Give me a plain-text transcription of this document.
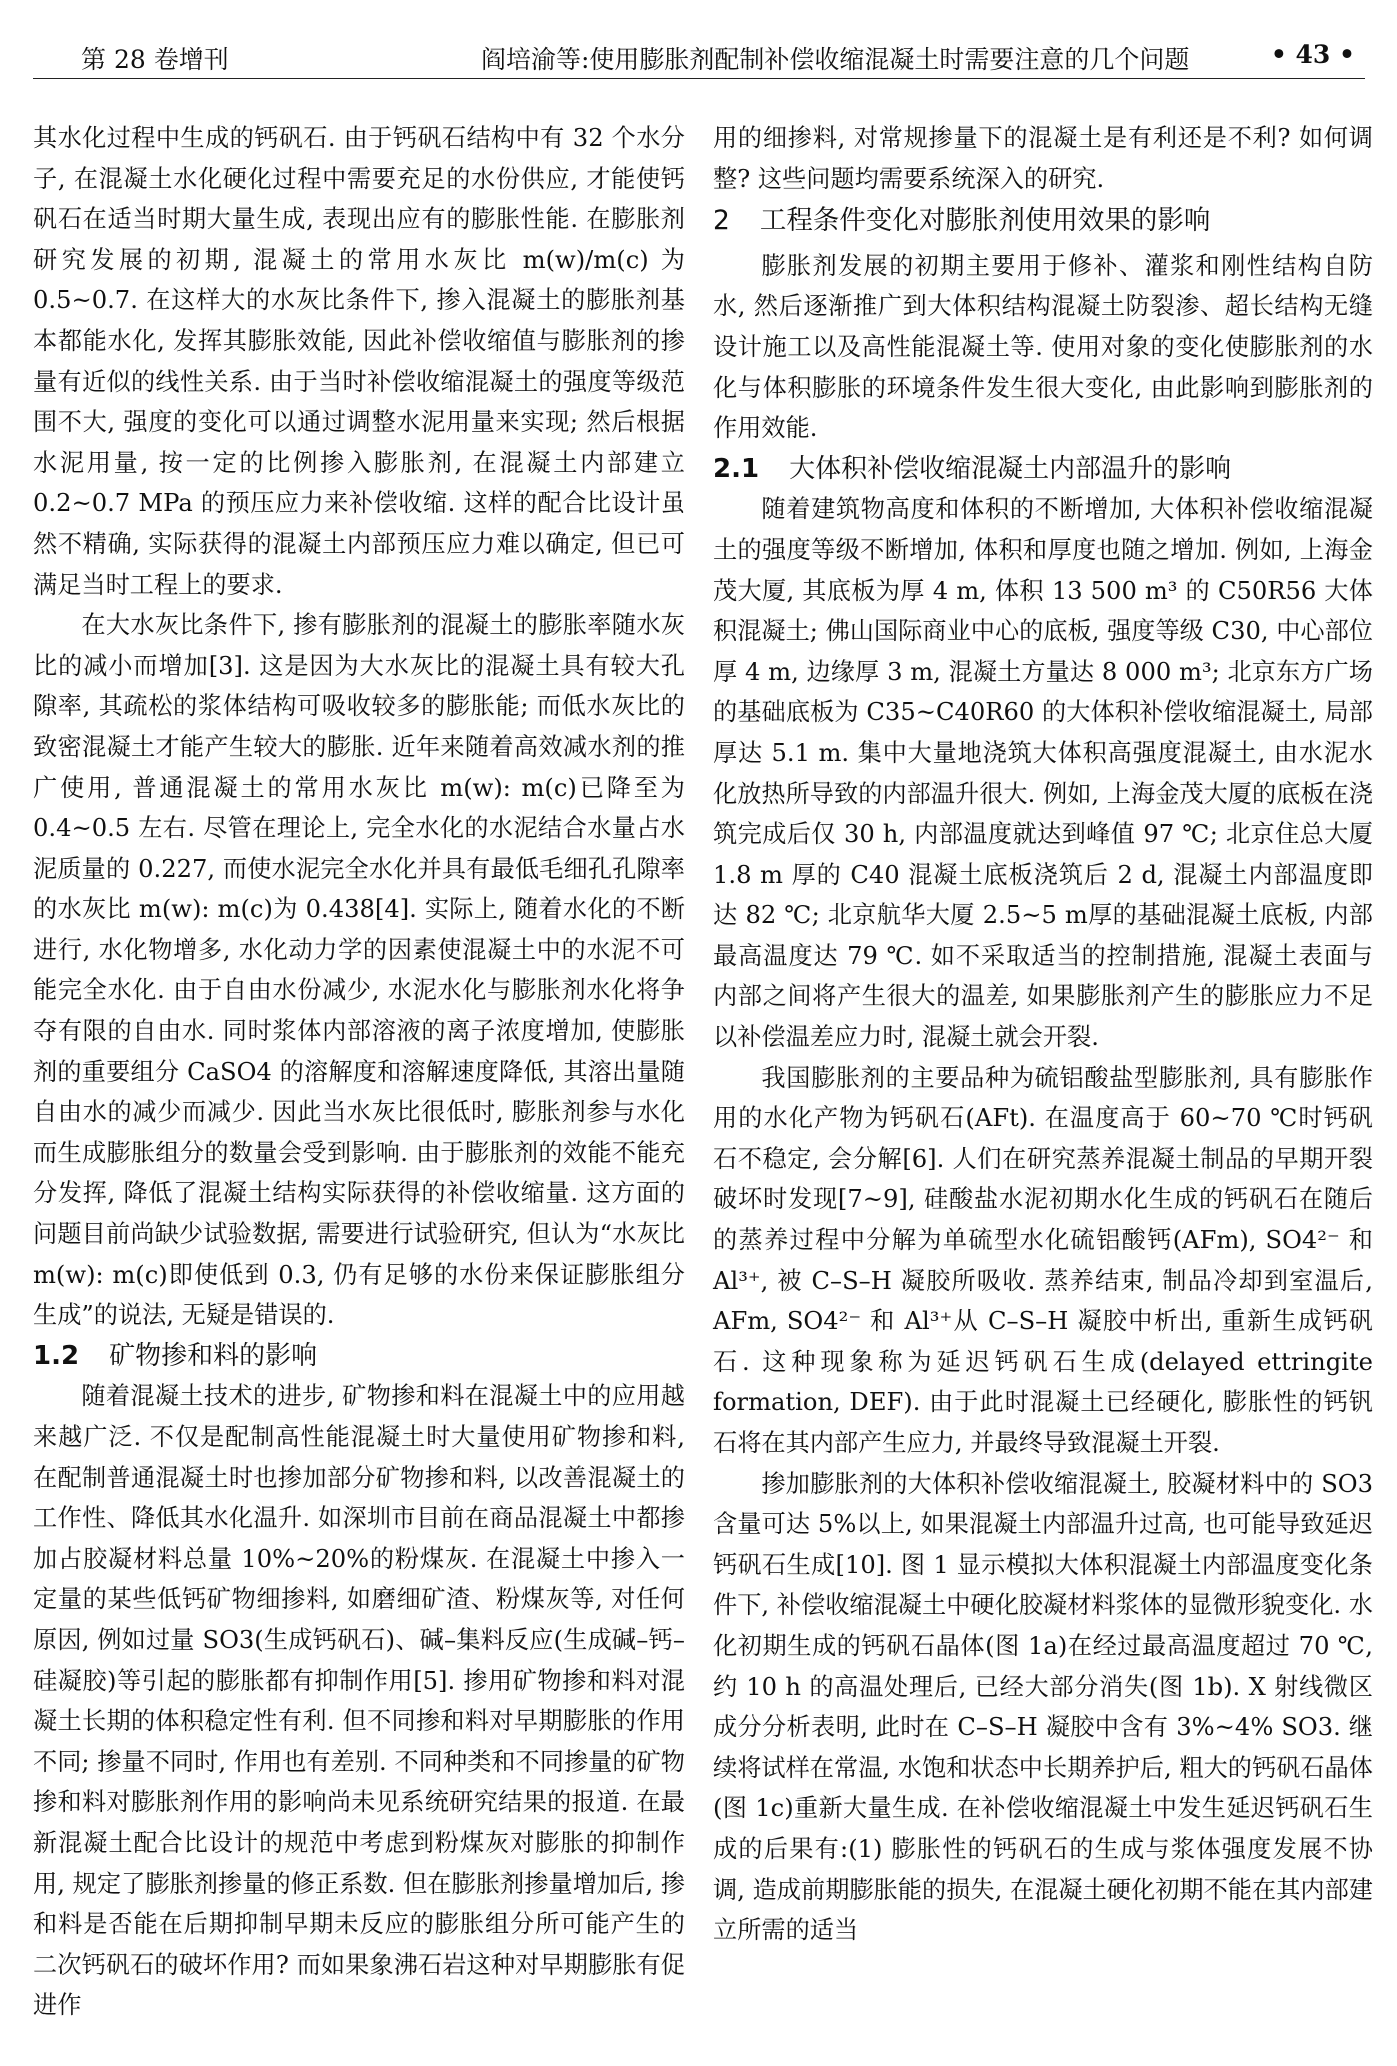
第 28 卷增刊	阎培渝等:使用膨胀剂配制补偿收缩混凝土时需要注意的几个问题	• 43 •

其水化过程中生成的钙矾石. 由于钙矾石结构中有 32 个水分子, 在混凝土水化硬化过程中需要充足的水份供应, 才能使钙矾石在适当时期大量生成, 表现出应有的膨胀性能. 在膨胀剂研究发展的初期, 混凝土的常用水灰比 m(w)/m(c) 为 0.5~0.7. 在这样大的水灰比条件下, 掺入混凝土的膨胀剂基本都能水化, 发挥其膨胀效能, 因此补偿收缩值与膨胀剂的掺量有近似的线性关系. 由于当时补偿收缩混凝土的强度等级范围不大, 强度的变化可以通过调整水泥用量来实现; 然后根据水泥用量, 按一定的比例掺入膨胀剂, 在混凝土内部建立 0.2~0.7 MPa 的预压应力来补偿收缩. 这样的配合比设计虽然不精确, 实际获得的混凝土内部预压应力难以确定, 但已可满足当时工程上的要求.

在大水灰比条件下, 掺有膨胀剂的混凝土的膨胀率随水灰比的减小而增加[3]. 这是因为大水灰比的混凝土具有较大孔隙率, 其疏松的浆体结构可吸收较多的膨胀能; 而低水灰比的致密混凝土才能产生较大的膨胀. 近年来随着高效减水剂的推广使用, 普通混凝土的常用水灰比 m(w): m(c)已降至为 0.4~0.5 左右. 尽管在理论上, 完全水化的水泥结合水量占水泥质量的 0.227, 而使水泥完全水化并具有最低毛细孔孔隙率的水灰比 m(w): m(c)为 0.438[4]. 实际上, 随着水化的不断进行, 水化物增多, 水化动力学的因素使混凝土中的水泥不可能完全水化. 由于自由水份减少, 水泥水化与膨胀剂水化将争夺有限的自由水. 同时浆体内部溶液的离子浓度增加, 使膨胀剂的重要组分 CaSO4 的溶解度和溶解速度降低, 其溶出量随自由水的减少而减少. 因此当水灰比很低时, 膨胀剂参与水化而生成膨胀组分的数量会受到影响. 由于膨胀剂的效能不能充分发挥, 降低了混凝土结构实际获得的补偿收缩量. 这方面的问题目前尚缺少试验数据, 需要进行试验研究, 但认为“水灰比 m(w): m(c)即使低到 0.3, 仍有足够的水份来保证膨胀组分生成”的说法, 无疑是错误的.

1.2 矿物掺和料的影响

随着混凝土技术的进步, 矿物掺和料在混凝土中的应用越来越广泛. 不仅是配制高性能混凝土时大量使用矿物掺和料, 在配制普通混凝土时也掺加部分矿物掺和料, 以改善混凝土的工作性、降低其水化温升. 如深圳市目前在商品混凝土中都掺加占胶凝材料总量 10%~20%的粉煤灰. 在混凝土中掺入一定量的某些低钙矿物细掺料, 如磨细矿渣、粉煤灰等, 对任何原因, 例如过量 SO3(生成钙矾石)、碱–集料反应(生成碱–钙–硅凝胶)等引起的膨胀都有抑制作用[5]. 掺用矿物掺和料对混凝土长期的体积稳定性有利. 但不同掺和料对早期膨胀的作用不同; 掺量不同时, 作用也有差别. 不同种类和不同掺量的矿物掺和料对膨胀剂作用的影响尚未见系统研究结果的报道. 在最新混凝土配合比设计的规范中考虑到粉煤灰对膨胀的抑制作用, 规定了膨胀剂掺量的修正系数. 但在膨胀剂掺量增加后, 掺和料是否能在后期抑制早期未反应的膨胀组分所可能产生的二次钙矾石的破坏作用? 而如果象沸石岩这种对早期膨胀有促进作

用的细掺料, 对常规掺量下的混凝土是有利还是不利? 如何调整? 这些问题均需要系统深入的研究.

2 工程条件变化对膨胀剂使用效果的影响

膨胀剂发展的初期主要用于修补、灌浆和刚性结构自防水, 然后逐渐推广到大体积结构混凝土防裂渗、超长结构无缝设计施工以及高性能混凝土等. 使用对象的变化使膨胀剂的水化与体积膨胀的环境条件发生很大变化, 由此影响到膨胀剂的作用效能.

2.1 大体积补偿收缩混凝土内部温升的影响

随着建筑物高度和体积的不断增加, 大体积补偿收缩混凝土的强度等级不断增加, 体积和厚度也随之增加. 例如, 上海金茂大厦, 其底板为厚 4 m, 体积 13 500 m³ 的 C50R56 大体积混凝土; 佛山国际商业中心的底板, 强度等级 C30, 中心部位厚 4 m, 边缘厚 3 m, 混凝土方量达 8 000 m³; 北京东方广场的基础底板为 C35~C40R60 的大体积补偿收缩混凝土, 局部厚达 5.1 m. 集中大量地浇筑大体积高强度混凝土, 由水泥水化放热所导致的内部温升很大. 例如, 上海金茂大厦的底板在浇筑完成后仅 30 h, 内部温度就达到峰值 97 ℃; 北京住总大厦 1.8 m 厚的 C40 混凝土底板浇筑后 2 d, 混凝土内部温度即达 82 ℃; 北京航华大厦 2.5~5 m厚的基础混凝土底板, 内部最高温度达 79 ℃. 如不采取适当的控制措施, 混凝土表面与内部之间将产生很大的温差, 如果膨胀剂产生的膨胀应力不足以补偿温差应力时, 混凝土就会开裂.

我国膨胀剂的主要品种为硫铝酸盐型膨胀剂, 具有膨胀作用的水化产物为钙矾石(AFt). 在温度高于 60~70 ℃时钙矾石不稳定, 会分解[6]. 人们在研究蒸养混凝土制品的早期开裂破坏时发现[7~9], 硅酸盐水泥初期水化生成的钙矾石在随后的蒸养过程中分解为单硫型水化硫铝酸钙(AFm), SO4²⁻ 和 Al³⁺, 被 C–S–H 凝胶所吸收. 蒸养结束, 制品冷却到室温后, AFm, SO4²⁻ 和 Al³⁺从 C–S–H 凝胶中析出, 重新生成钙矾石. 这种现象称为延迟钙矾石生成(delayed ettringite formation, DEF). 由于此时混凝土已经硬化, 膨胀性的钙钒石将在其内部产生应力, 并最终导致混凝土开裂.

掺加膨胀剂的大体积补偿收缩混凝土, 胶凝材料中的 SO3 含量可达 5%以上, 如果混凝土内部温升过高, 也可能导致延迟钙矾石生成[10]. 图 1 显示模拟大体积混凝土内部温度变化条件下, 补偿收缩混凝土中硬化胶凝材料浆体的显微形貌变化. 水化初期生成的钙矾石晶体(图 1a)在经过最高温度超过 70 ℃, 约 10 h 的高温处理后, 已经大部分消失(图 1b). X 射线微区成分分析表明, 此时在 C–S–H 凝胶中含有 3%~4% SO3. 继续将试样在常温, 水饱和状态中长期养护后, 粗大的钙矾石晶体(图 1c)重新大量生成. 在补偿收缩混凝土中发生延迟钙矾石生成的后果有:(1) 膨胀性的钙矾石的生成与浆体强度发展不协调, 造成前期膨胀能的损失, 在混凝土硬化初期不能在其内部建立所需的适当
